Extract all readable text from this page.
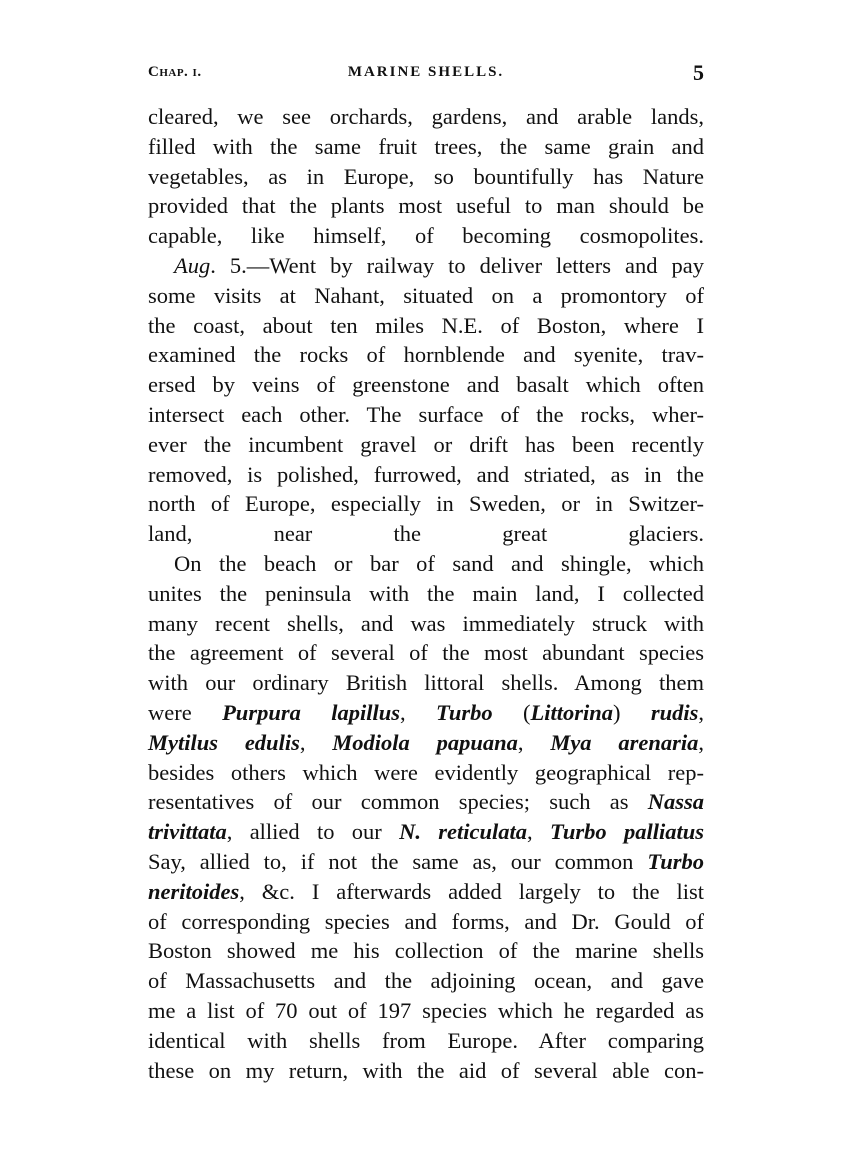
Chap. i.	MARINE SHELLS.	5
cleared, we see orchards, gardens, and arable lands,
filled with the same fruit trees, the same grain and
vegetables, as in Europe, so bountifully has Nature
provided that the plants most useful to man should be
capable, like himself, of becoming cosmopolites.
Aug. 5.—Went by railway to deliver letters and pay
some visits at Nahant, situated on a promontory of
the coast, about ten miles N.E. of Boston, where I
examined the rocks of hornblende and syenite, trav-
ersed by veins of greenstone and basalt which often
intersect each other. The surface of the rocks, wher-
ever the incumbent gravel or drift has been recently
removed, is polished, furrowed, and striated, as in the
north of Europe, especially in Sweden, or in Switzer-
land, near the great glaciers.
On the beach or bar of sand and shingle, which
unites the peninsula with the main land, I collected
many recent shells, and was immediately struck with
the agreement of several of the most abundant species
with our ordinary British littoral shells. Among them
were Purpura lapillus, Turbo (Littorina) rudis,
Mytilus edulis, Modiola papuana, Mya arenaria,
besides others which were evidently geographical rep-
resentatives of our common species; such as Nassa
trivittata, allied to our N. reticulata, Turbo palliatus
Say, allied to, if not the same as, our common Turbo
neritoides, &c. I afterwards added largely to the list
of corresponding species and forms, and Dr. Gould of
Boston showed me his collection of the marine shells
of Massachusetts and the adjoining ocean, and gave
me a list of 70 out of 197 species which he regarded as
identical with shells from Europe. After comparing
these on my return, with the aid of several able con-
